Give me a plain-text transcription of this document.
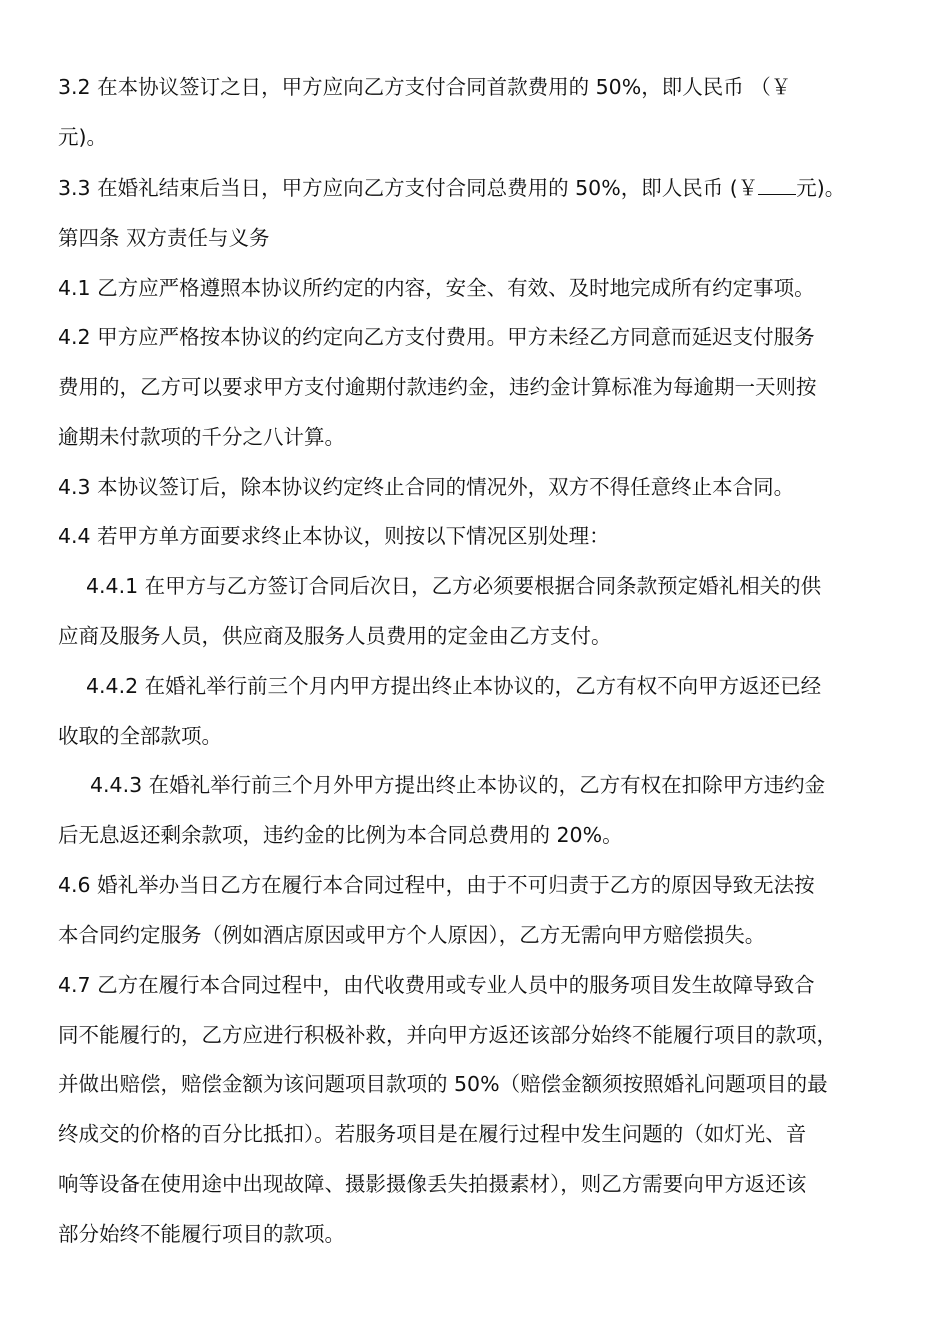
3.2 在本协议签订之日，甲方应向乙方支付合同首款费用的 50%，即人民币 （￥
元)。
3.3 在婚礼结束后当日，甲方应向乙方支付合同总费用的 50%，即人民币 (￥ 元)。
第四条 双方责任与义务
4.1 乙方应严格遵照本协议所约定的内容，安全、有效、及时地完成所有约定事项。
4.2 甲方应严格按本协议的约定向乙方支付费用。甲方未经乙方同意而延迟支付服务
费用的，乙方可以要求甲方支付逾期付款违约金，违约金计算标准为每逾期一天则按
逾期未付款项的千分之八计算。
4.3 本协议签订后，除本协议约定终止合同的情况外，双方不得任意终止本合同。
4.4 若甲方单方面要求终止本协议，则按以下情况区别处理：
4.4.1 在甲方与乙方签订合同后次日，乙方必须要根据合同条款预定婚礼相关的供
应商及服务人员，供应商及服务人员费用的定金由乙方支付。
4.4.2 在婚礼举行前三个月内甲方提出终止本协议的，乙方有权不向甲方返还已经
收取的全部款项。
4.4.3 在婚礼举行前三个月外甲方提出终止本协议的，乙方有权在扣除甲方违约金
后无息返还剩余款项，违约金的比例为本合同总费用的 20%。
4.6 婚礼举办当日乙方在履行本合同过程中，由于不可归责于乙方的原因导致无法按
本合同约定服务（例如酒店原因或甲方个人原因），乙方无需向甲方赔偿损失。
4.7 乙方在履行本合同过程中，由代收费用或专业人员中的服务项目发生故障导致合
同不能履行的，乙方应进行积极补救，并向甲方返还该部分始终不能履行项目的款项，
并做出赔偿，赔偿金额为该问题项目款项的 50%（赔偿金额须按照婚礼问题项目的最
终成交的价格的百分比抵扣）。若服务项目是在履行过程中发生问题的（如灯光、音
响等设备在使用途中出现故障、摄影摄像丢失拍摄素材），则乙方需要向甲方返还该
部分始终不能履行项目的款项。
